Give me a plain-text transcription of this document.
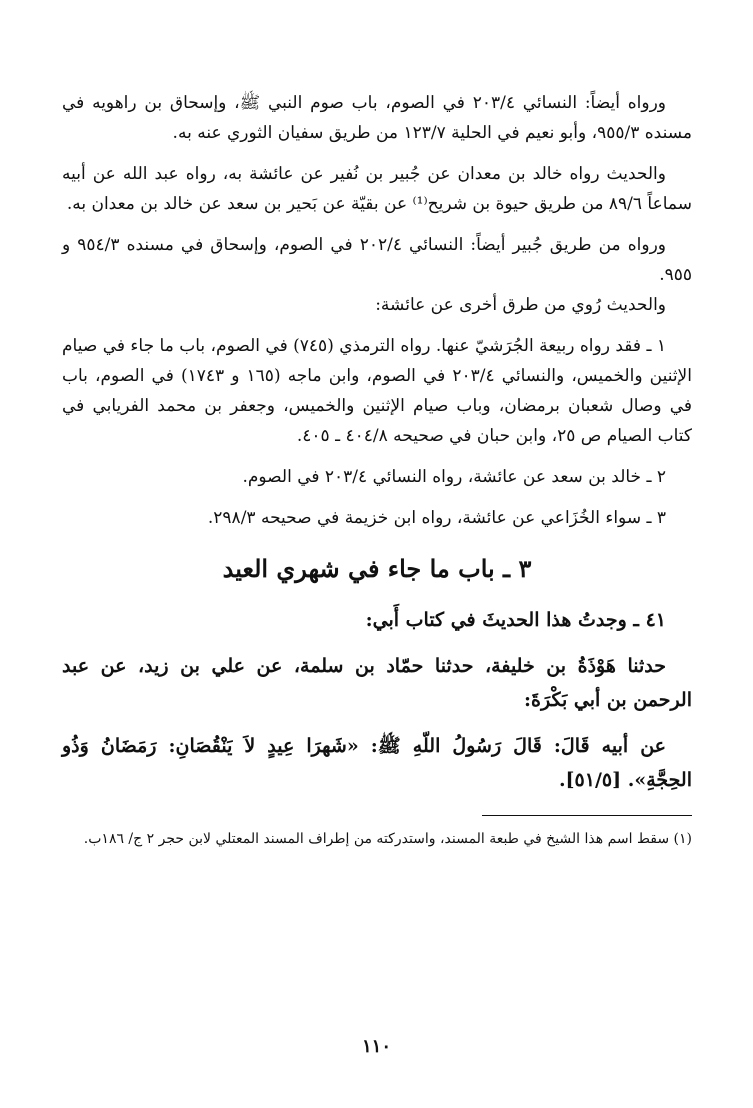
ورواه أيضاً: النسائي ٢٠٣/٤ في الصوم، باب صوم النبي ﷺ، وإسحاق بن راهويه في مسنده ٩٥٥/٣، وأبو نعيم في الحلية ١٢٣/٧ من طريق سفيان الثوري عنه به.

والحديث رواه خالد بن معدان عن جُبير بن نُفير عن عائشة به، رواه عبد الله عن أبيه سماعاً ٨٩/٦ من طريق حيوة بن شريح⁽¹⁾ عن بقيّة عن بَحير بن سعد عن خالد بن معدان به.

ورواه من طريق جُبير أيضاً: النسائي ٢٠٢/٤ في الصوم، وإسحاق في مسنده ٩٥٤/٣ و ٩٥٥.

والحديث رُوي من طرق أخرى عن عائشة:

١ ـ فقد رواه ربيعة الجُرَشيّ عنها. رواه الترمذي (٧٤٥) في الصوم، باب ما جاء في صيام الإثنين والخميس، والنسائي ٢٠٣/٤ في الصوم، وابن ماجه (١٦٥ و ١٧٤٣) في الصوم، باب في وصال شعبان برمضان، وباب صيام الإثنين والخميس، وجعفر بن محمد الفريابي في كتاب الصيام ص ٢٥، وابن حبان في صحيحه ٤٠٤/٨ ـ ٤٠٥.

٢ ـ خالد بن سعد عن عائشة، رواه النسائي ٢٠٣/٤ في الصوم.

٣ ـ سواء الخُزَاعي عن عائشة، رواه ابن خزيمة في صحيحه ٢٩٨/٣.

٣ ـ باب ما جاء في شهري العيد

٤١ ـ وجدتُ هذا الحديثَ في كتاب أَبي:

حدثنا هَوْذَةُ بن خليفة، حدثنا حمّاد بن سلمة، عن علي بن زيد، عن عبد الرحمن بن أبي بَكْرَةَ:

عن أبيه قَالَ: قَالَ رَسُولُ اللّهِ ﷺ: «شَهرَا عِيدٍ لاَ يَنْقُصَانِ: رَمَضَانُ وَذُو الحِجَّةِ». [٥١/٥].

(١) سقط اسم هذا الشيخ في طبعة المسند، واستدركته من إطراف المسند المعتلي لابن حجر ٢ ج/ ١٨٦ب.

١١٠
